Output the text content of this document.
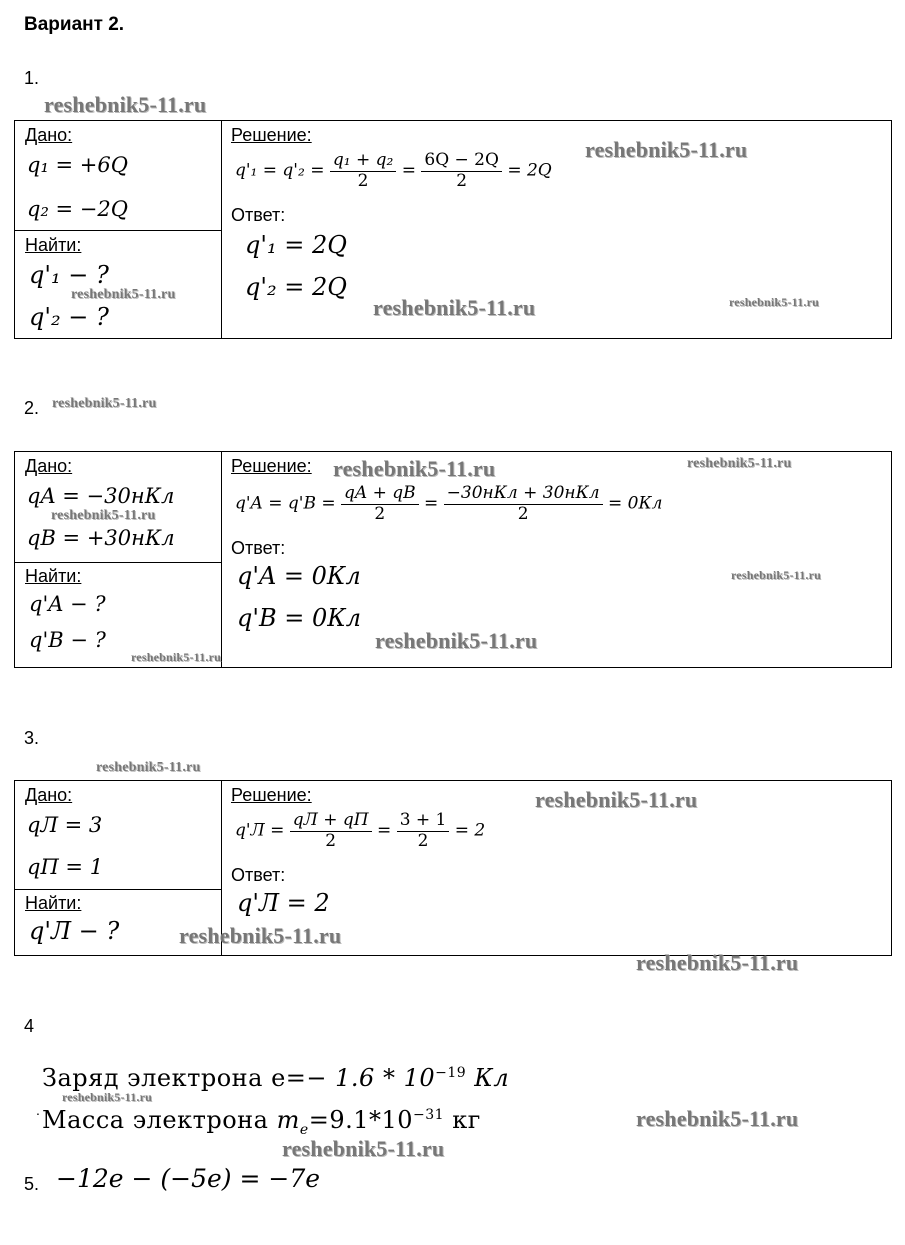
Вариант 2.
1.
reshebnik5-11.ru
Дано:
q₁ = +6Q
q₂ = −2Q
Найти:
q'₁ − ?
q'₂ − ?
reshebnik5-11.ru
Решение:
$q'_1 = q'_2 = \frac{\text{q₁ + q₂}}{2} = \frac{6Q - 2Q}{2} = 2Q$
reshebnik5-11.ru
Ответ:
q'₁ = 2Q
q'₂ = 2Q
reshebnik5-11.ru	reshebnik5-11.ru
2. reshebnik5-11.ru
Дано:
qA = −30нКл
reshebnik5-11.ru
qB = +30нКл
Найти:
q'A − ?
q'B − ?
reshebnik5-11.ru
Решение: reshebnik5-11.ru	reshebnik5-11.ru
$q'A = q'B = \frac{qA + qB}{2} = \frac{\text{−30нКл + 30нКл}}{2} = 0Кл$
Ответ:
q'A = 0Кл	reshebnik5-11.ru
q'B = 0Кл
reshebnik5-11.ru
3.
reshebnik5-11.ru
Дано:
qЛ = 3
qП = 1
Найти:
q'Л − ?	reshebnik5-11.ru
Решение:	reshebnik5-11.ru
$q'Л = \frac{qЛ + qП}{2} = \frac{3 + 1}{2} = 2$
Ответ:
q'Л = 2
reshebnik5-11.ru
4
Заряд электрона $е=- 1.6 * 10^{-19}$ Кл
reshebnik5-11.ru
. Масса электрона $m_e=9.1*10^{-31}$ кг	reshebnik5-11.ru
reshebnik5-11.ru
5. −12e − (−5e) = −7e
